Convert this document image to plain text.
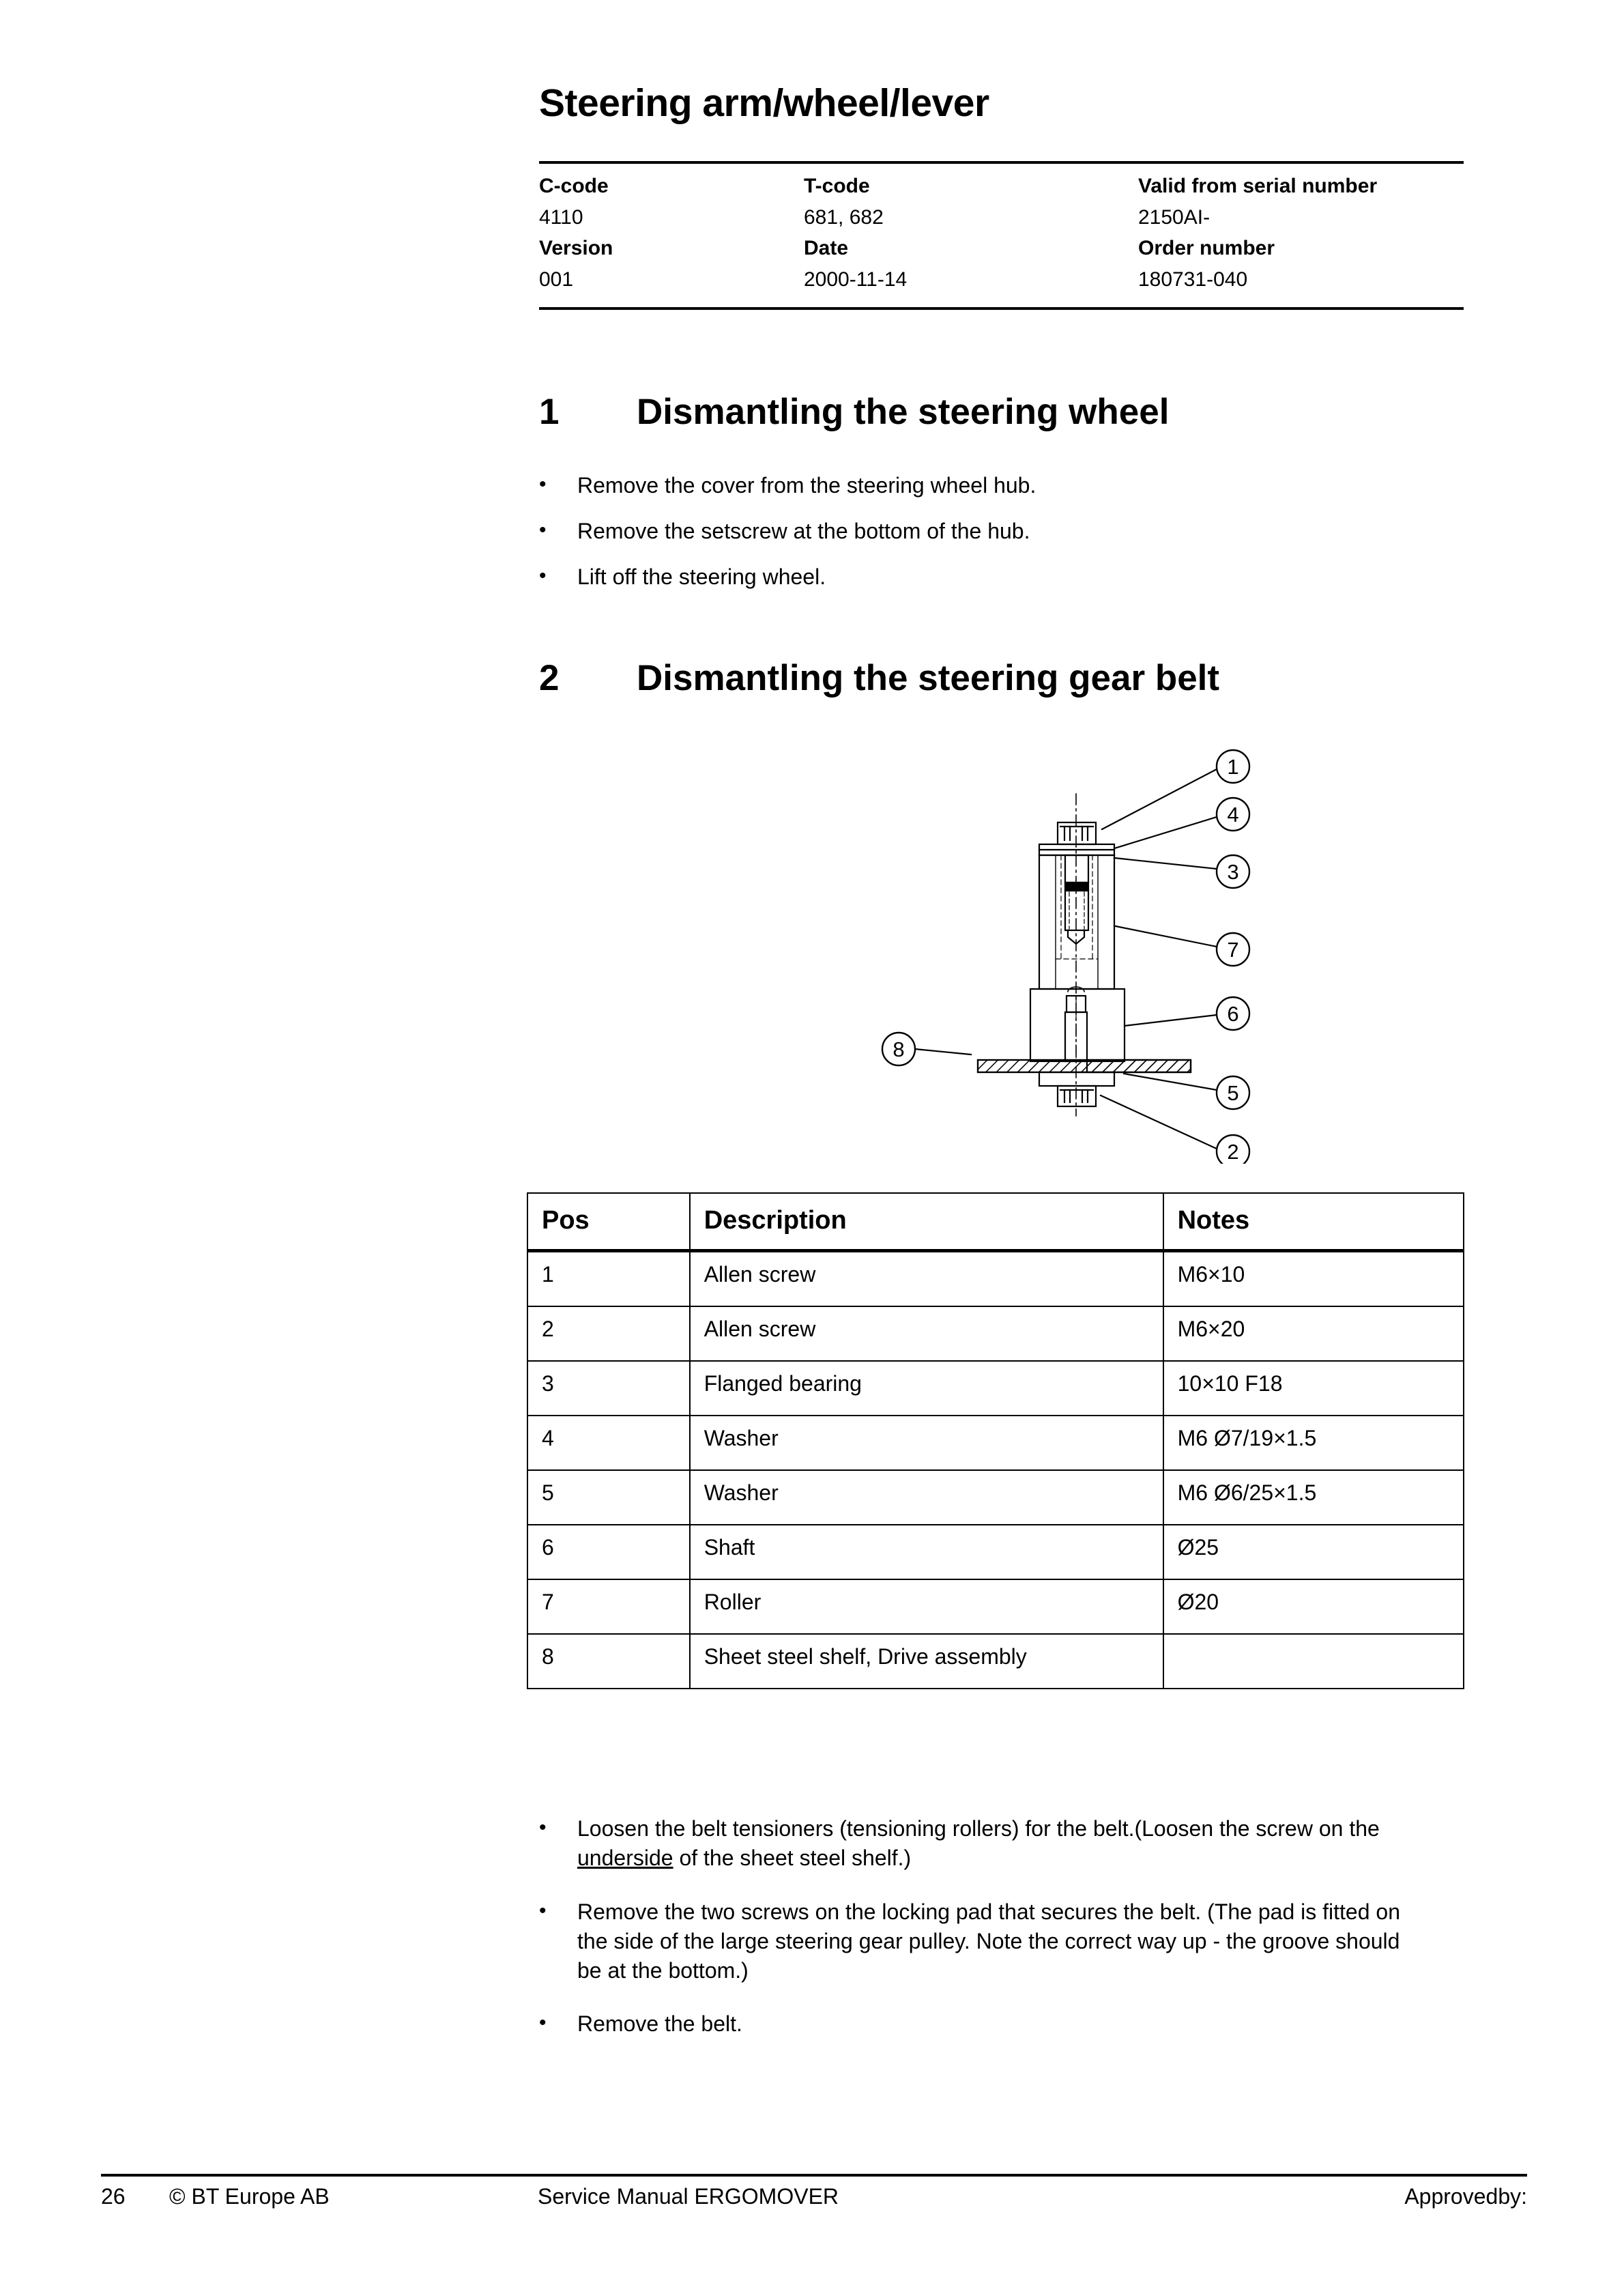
Steering arm/wheel/lever
C-code	T-code	Valid from serial number
4110	681, 682	2150AI-
Version	Date	Order number
001	2000-11-14	180731-040
1	Dismantling the steering wheel
•	Remove the cover from the steering wheel hub.
•	Remove the setscrew at the bottom of the hub.
•	Lift off the steering wheel.
2	Dismantling the steering gear belt
1
4
3
7
6
8
5
2
Pos	Description	Notes
1	Allen screw	M6×10
2	Allen screw	M6×20
3	Flanged bearing	10×10 F18
4	Washer	M6 Ø7/19×1.5
5	Washer	M6 Ø6/25×1.5
6	Shaft	Ø25
7	Roller	Ø20
8	Sheet steel shelf, Drive assembly	
•	Loosen the belt tensioners (tensioning rollers) for the belt.(Loosen the screw on the underside of the sheet steel shelf.)
•	Remove the two screws on the locking pad that secures the belt. (The pad is fitted on the side of the large steering gear pulley. Note the correct way up - the groove should be at the bottom.)
•	Remove the belt.
26 © BT Europe AB	Service Manual ERGOMOVER	Approvedby:
